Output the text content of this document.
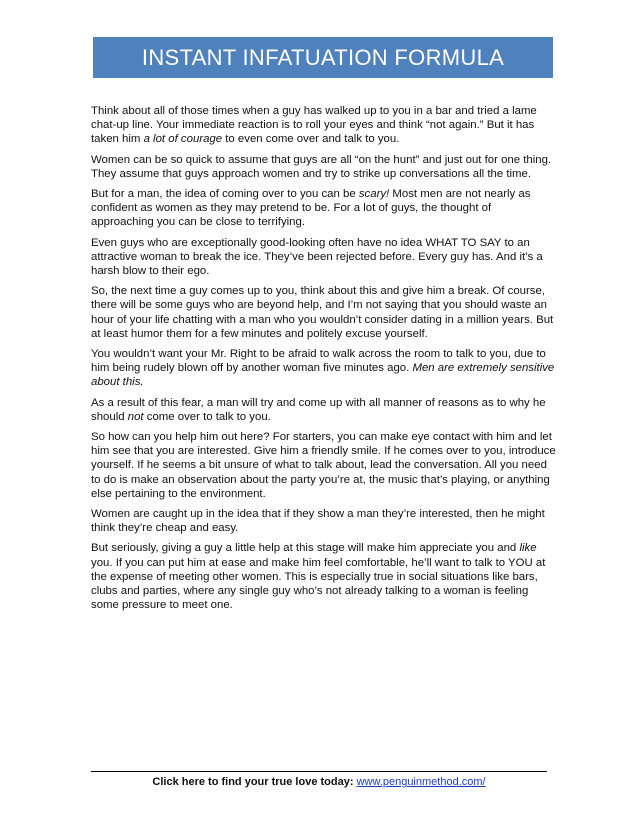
INSTANT INFATUATION FORMULA

Think about all of those times when a guy has walked up to you in a bar and tried a lame chat-up line. Your immediate reaction is to roll your eyes and think “not again.” But it has taken him a lot of courage to even come over and talk to you.

Women can be so quick to assume that guys are all “on the hunt” and just out for one thing. They assume that guys approach women and try to strike up conversations all the time.

But for a man, the idea of coming over to you can be scary! Most men are not nearly as confident as women as they may pretend to be. For a lot of guys, the thought of approaching you can be close to terrifying.

Even guys who are exceptionally good-looking often have no idea WHAT TO SAY to an attractive woman to break the ice. They’ve been rejected before. Every guy has. And it’s a harsh blow to their ego.

So, the next time a guy comes up to you, think about this and give him a break. Of course, there will be some guys who are beyond help, and I’m not saying that you should waste an hour of your life chatting with a man who you wouldn’t consider dating in a million years. But at least humor them for a few minutes and politely excuse yourself.

You wouldn’t want your Mr. Right to be afraid to walk across the room to talk to you, due to him being rudely blown off by another woman five minutes ago. Men are extremely sensitive about this.

As a result of this fear, a man will try and come up with all manner of reasons as to why he should not come over to talk to you.

So how can you help him out here? For starters, you can make eye contact with him and let him see that you are interested. Give him a friendly smile. If he comes over to you, introduce yourself. If he seems a bit unsure of what to talk about, lead the conversation. All you need to do is make an observation about the party you’re at, the music that’s playing, or anything else pertaining to the environment.

Women are caught up in the idea that if they show a man they’re interested, then he might think they’re cheap and easy.

But seriously, giving a guy a little help at this stage will make him appreciate you and like you. If you can put him at ease and make him feel comfortable, he’ll want to talk to YOU at the expense of meeting other women. This is especially true in social situations like bars, clubs and parties, where any single guy who’s not already talking to a woman is feeling some pressure to meet one.

Click here to find your true love today: www.penguinmethod.com/
